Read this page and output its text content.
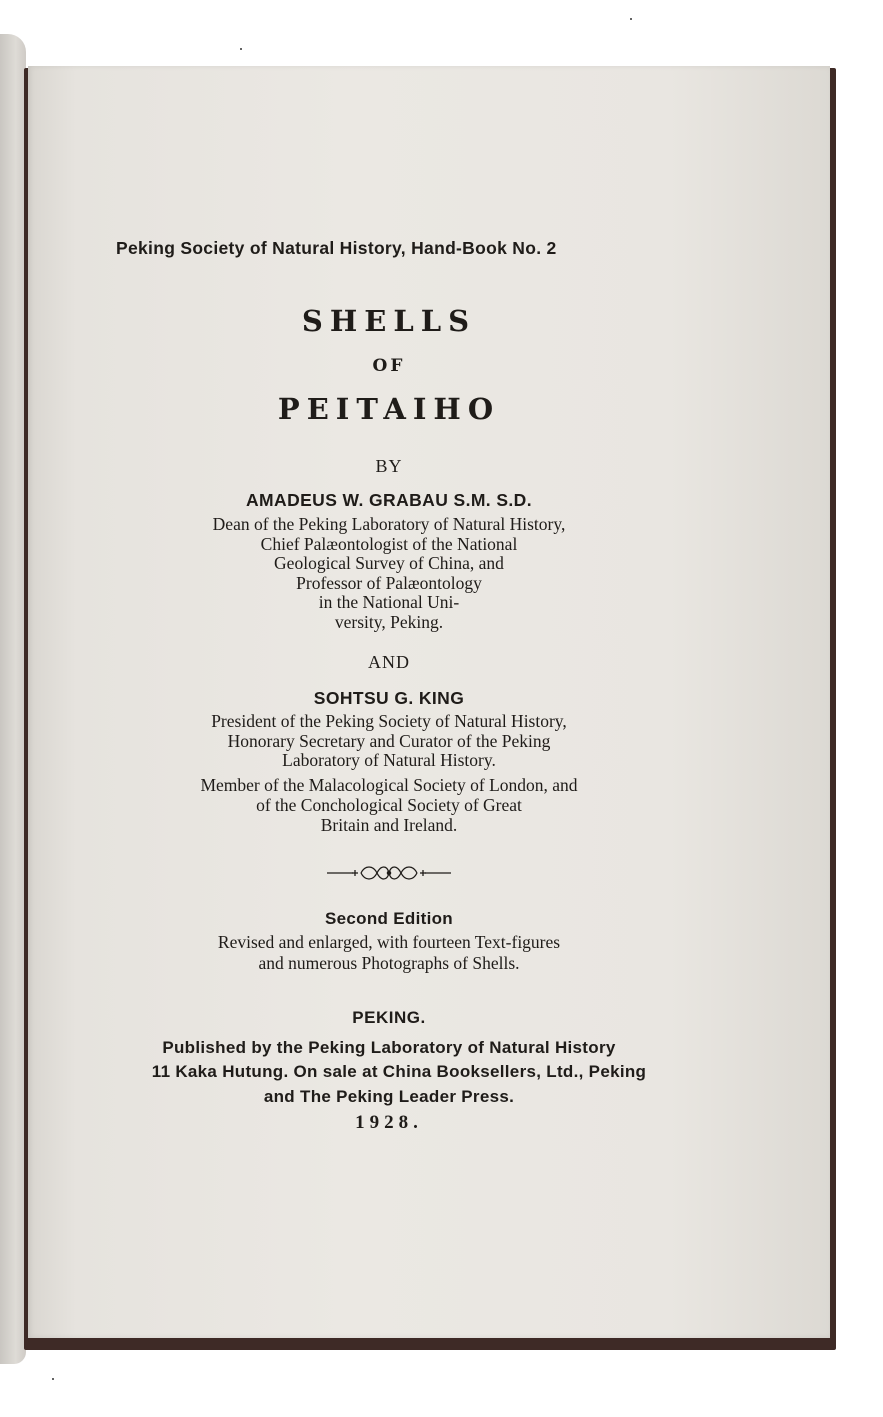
Peking Society of Natural History, Hand-Book No. 2
SHELLS
OF
PEITAIHO
BY
AMADEUS W. GRABAU S.M. S.D.
Dean of the Peking Laboratory of Natural History,
Chief Palæontologist of the National
Geological Survey of China, and
Professor of Palæontology
in the National Uni-
versity, Peking.
AND
SOHTSU G. KING
President of the Peking Society of Natural History,
Honorary Secretary and Curator of the Peking
Laboratory of Natural History.
Member of the Malacological Society of London, and
of the Conchological Society of Great
Britain and Ireland.
Second Edition
Revised and enlarged, with fourteen Text-figures
and numerous Photographs of Shells.
PEKING.
Published by the Peking Laboratory of Natural History
11 Kaka Hutung. On sale at China Booksellers, Ltd., Peking
and The Peking Leader Press.
1928.
